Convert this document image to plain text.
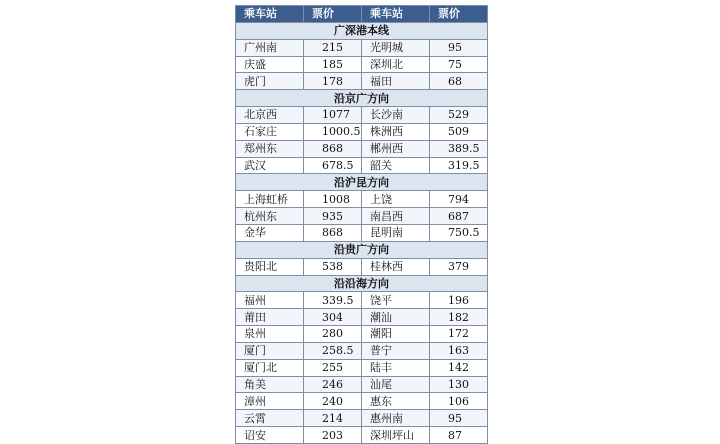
乘车站	票价	乘车站	票价
广深港本线			
广州南	215	光明城	95
庆盛	185	深圳北	75
虎门	178	福田	68
沿京广方向			
北京西	1077	长沙南	529
石家庄	1000.5	株洲西	509
郑州东	868	郴州西	389.5
武汉	678.5	韶关	319.5
沿沪昆方向			
上海虹桥	1008	上饶	794
杭州东	935	南昌西	687
金华	868	昆明南	750.5
沿贵广方向			
贵阳北	538	桂林西	379
沿沿海方向			
福州	339.5	饶平	196
莆田	304	潮汕	182
泉州	280	潮阳	172
厦门	258.5	普宁	163
厦门北	255	陆丰	142
角美	246	汕尾	130
漳州	240	惠东	106
云霄	214	惠州南	95
诏安	203	深圳坪山	87
